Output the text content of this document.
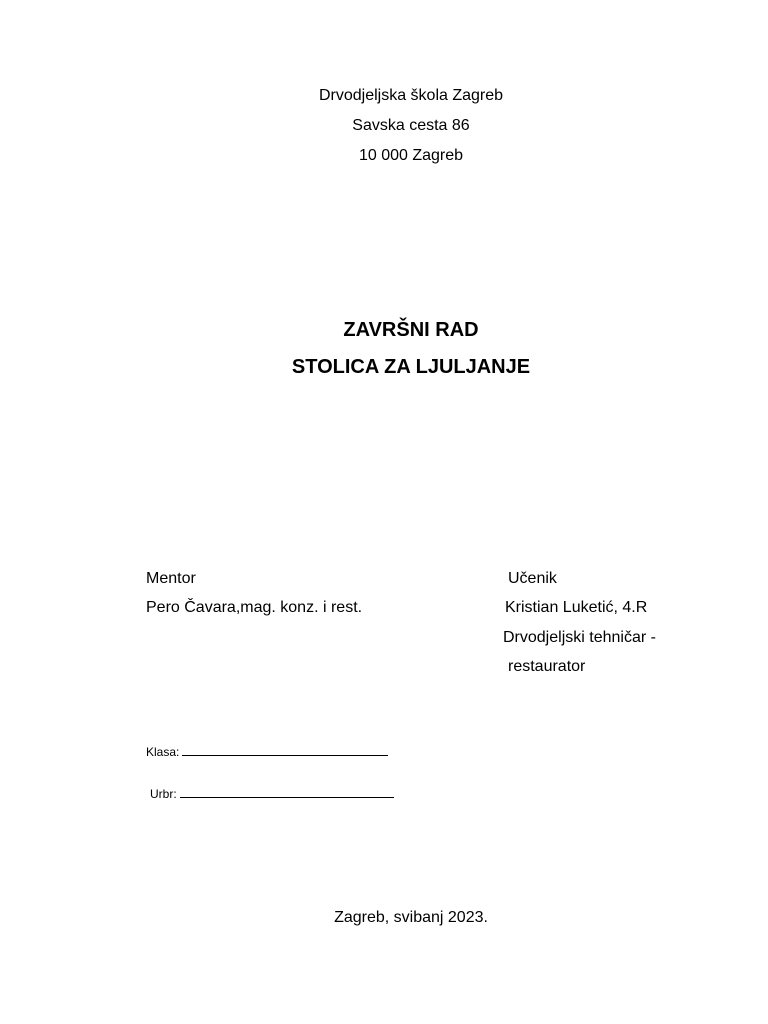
Drvodjeljska škola Zagreb
Savska cesta 86
10 000 Zagreb
ZAVRŠNI RAD
STOLICA ZA LJULJANJE
Mentor
Pero Čavara,mag. konz. i rest.
Učenik
Kristian Luketić, 4.R
Drvodjeljski tehničar -
restaurator
Klasa:
Urbr:
Zagreb, svibanj 2023.
